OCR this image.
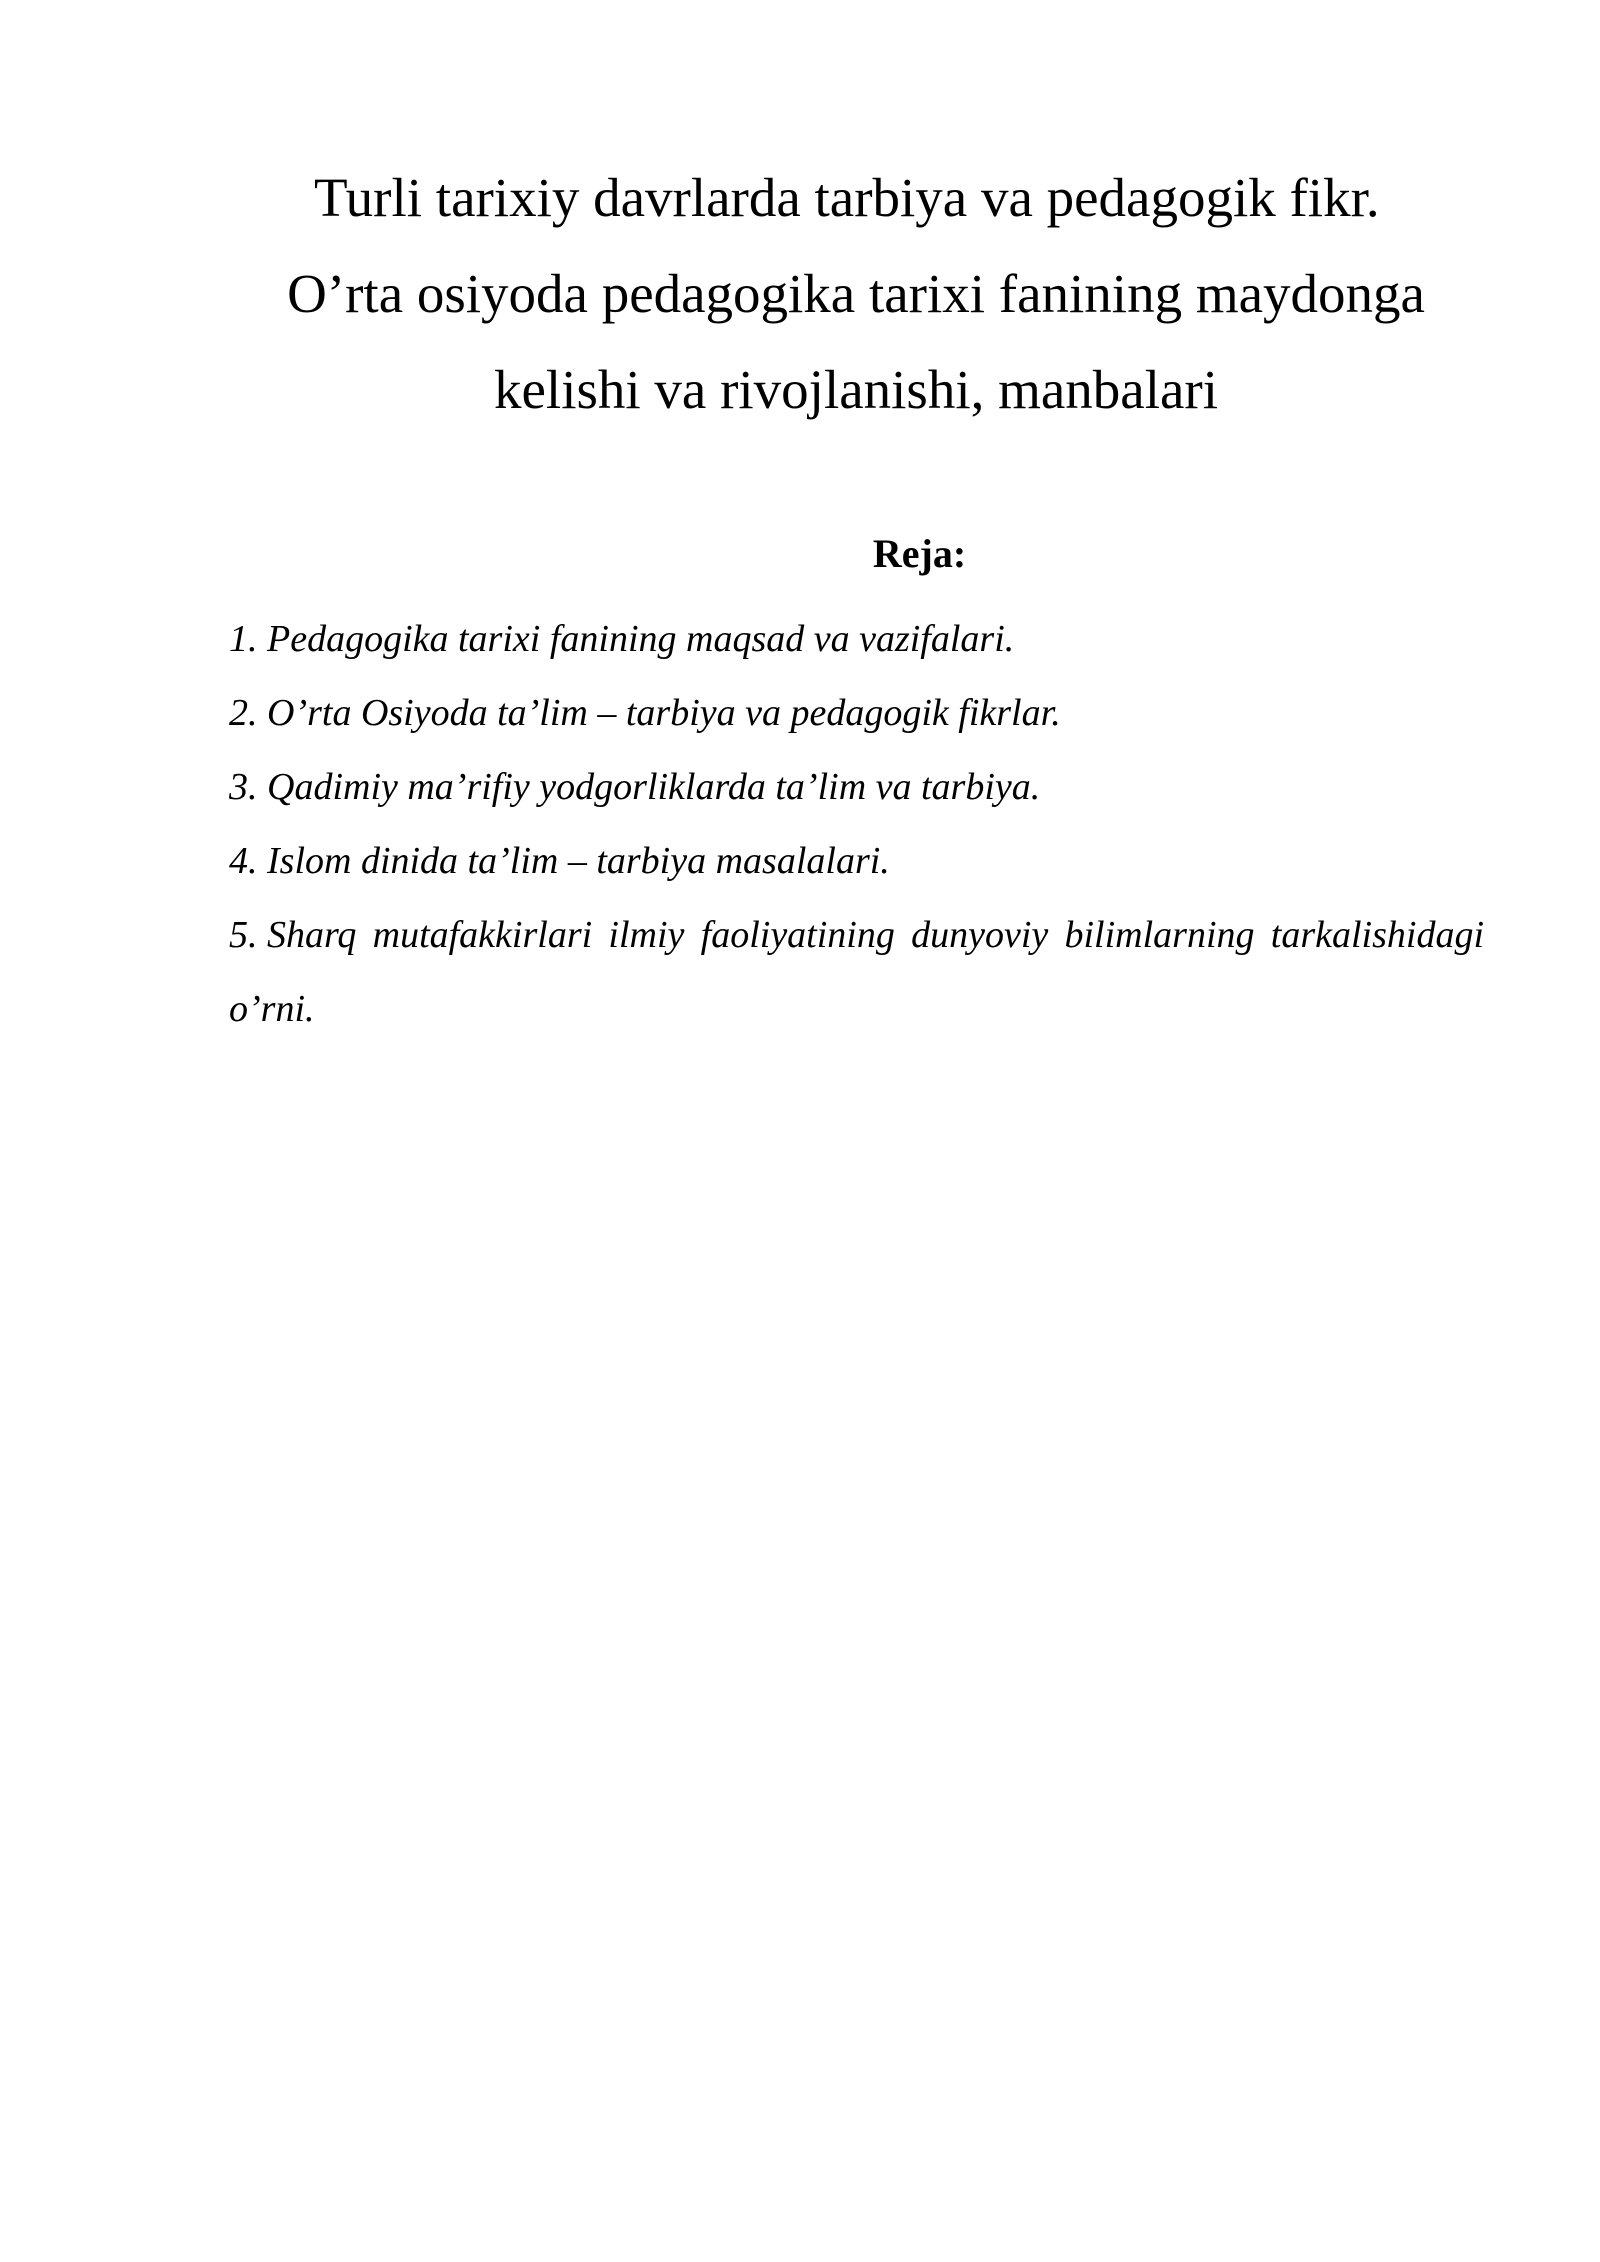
Turli tarixiy davrlarda tarbiya va pedagogik fikr.
O’rta osiyoda pedagogika tarixi fanining maydonga
kelishi va rivojlanishi, manbalari
Reja:
1. Pedagogika tarixi fanining maqsad va vazifalari.
2. O’rta Osiyoda ta’lim – tarbiya va pedagogik fikrlar.
3. Qadimiy ma’rifiy yodgorliklarda ta’lim va tarbiya.
4. Islom dinida ta’lim – tarbiya masalalari.
5. Sharq mutafakkirlari ilmiy faoliyatining dunyoviy bilimlarning tarkalishidagi o’rni.
